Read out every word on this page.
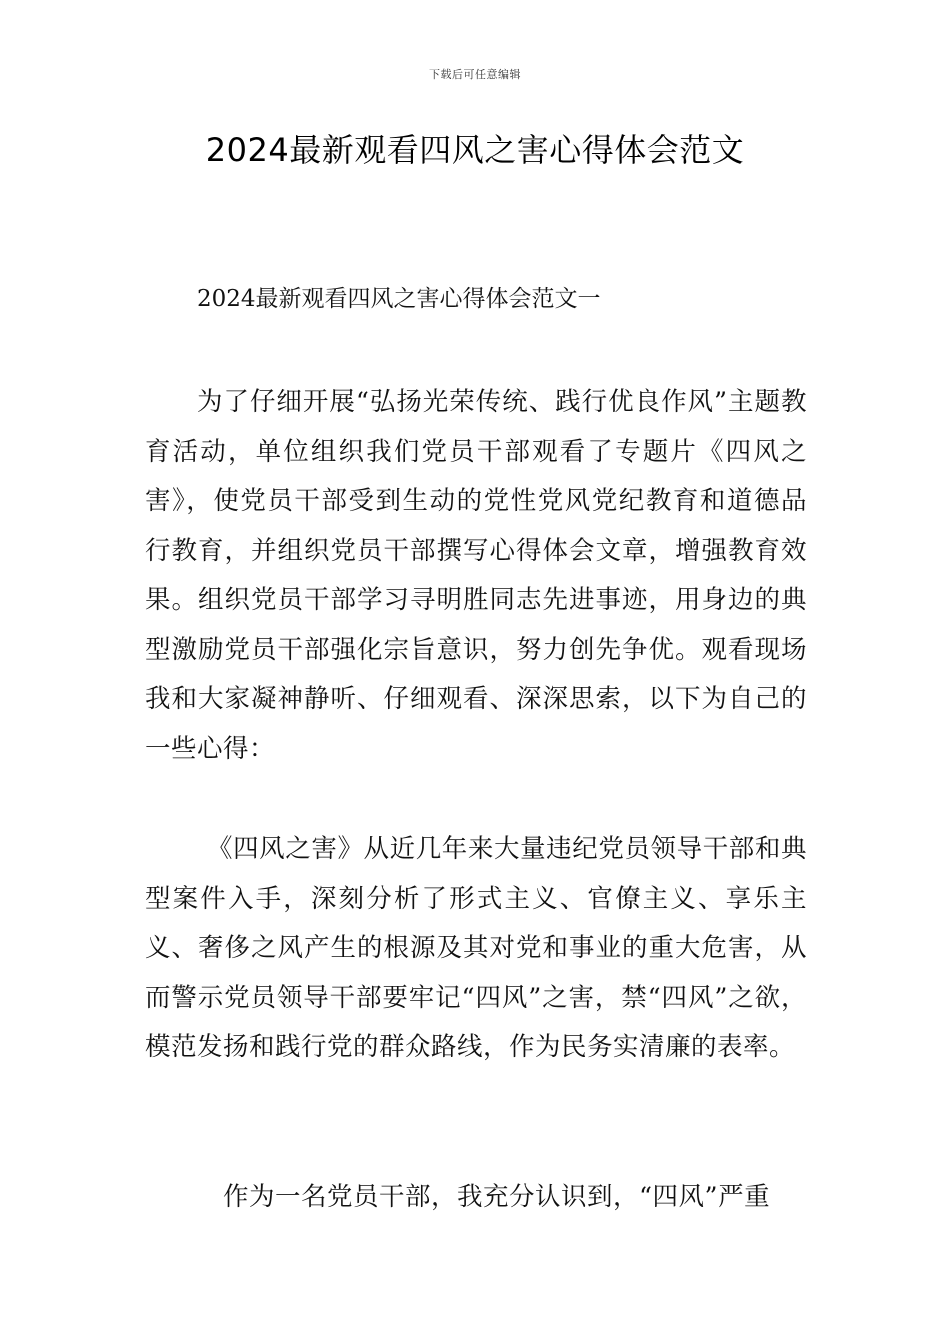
下载后可任意编辑
2024最新观看四风之害心得体会范文

2024最新观看四风之害心得体会范文一

为了仔细开展“弘扬光荣传统、践行优良作风”主题教育活动，单位组织我们党员干部观看了专题片《四风之害》，使党员干部受到生动的党性党风党纪教育和道德品行教育，并组织党员干部撰写心得体会文章，增强教育效果。组织党员干部学习寻明胜同志先进事迹，用身边的典型激励党员干部强化宗旨意识，努力创先争优。观看现场我和大家凝神静听、仔细观看、深深思索，以下为自己的一些心得：

《四风之害》从近几年来大量违纪党员领导干部和典型案件入手，深刻分析了形式主义、官僚主义、享乐主义、奢侈之风产生的根源及其对党和事业的重大危害，从而警示党员领导干部要牢记“四风”之害，禁“四风”之欲，模范发扬和践行党的群众路线，作为民务实清廉的表率。

作为一名党员干部，我充分认识到，“四风”严重
